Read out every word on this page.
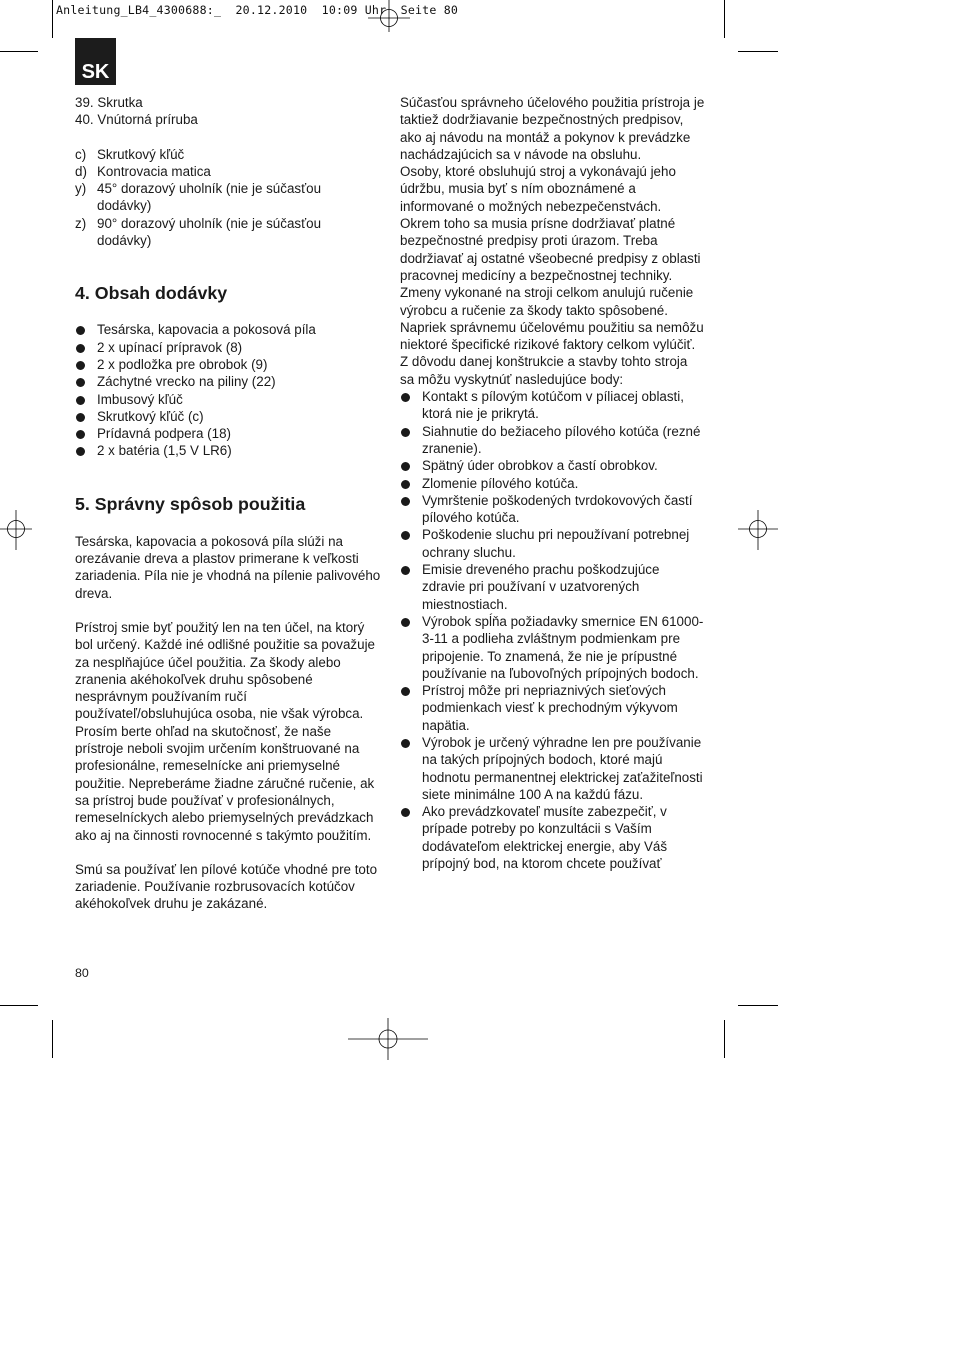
Anleitung_LB4_4300688:_  20.12.2010  10:09 Uhr  Seite 80
SK
39. Skrutka
40. Vnútorná príruba
c) Skrutkový kľúč
d) Kontrovacia matica
y) 45° dorazový uholník (nie je súčasťou dodávky)
z) 90° dorazový uholník (nie je súčasťou dodávky)
4. Obsah dodávky
Tesárska, kapovacia a pokosová píla
2 x upínací prípravok (8)
2 x podložka pre obrobok (9)
Záchytné vrecko na piliny (22)
Imbusový kľúč
Skrutkový kľúč (c)
Prídavná podpera (18)
2 x batéria (1,5 V LR6)
5. Správny spôsob použitia

Tesárska, kapovacia a pokosová píla slúži na orezávanie dreva a plastov primerane k veľkosti zariadenia. Píla nie je vhodná na pílenie palivového dreva.

Prístroj smie byť použitý len na ten účel, na ktorý bol určený. Každé iné odlišné použitie sa považuje za nesplňajúce účel použitia. Za škody alebo zranenia akéhokoľvek druhu spôsobené nesprávnym používaním ručí používateľ/obsluhujúca osoba, nie však výrobca.
Prosím berte ohľad na skutočnosť, že naše prístroje neboli svojim určením konštruované na profesionálne, remeselnícke ani priemyselné použitie. Nepreberáme žiadne záručné ručenie, ak sa prístroj bude používať v profesionálnych, remeselníckych alebo priemyselných prevádzkach ako aj na činnosti rovnocenné s takýmto použitím.

Smú sa používať len pílové kotúče vhodné pre toto zariadenie. Používanie rozbrusovacích kotúčov akéhokoľvek druhu je zakázané.

Súčasťou správneho účelového použitia prístroja je taktiež dodržiavanie bezpečnostných predpisov, ako aj návodu na montáž a pokynov k prevádzke nachádzajúcich sa v návode na obsluhu.
Osoby, ktoré obsluhujú stroj a vykonávajú jeho údržbu, musia byť s ním oboznámené a informované o možných nebezpečenstvách. Okrem toho sa musia prísne dodržiavať platné bezpečnostné predpisy proti úrazom. Treba dodržiavať aj ostatné všeobecné predpisy z oblasti pracovnej medicíny a bezpečnostnej techniky.
Zmeny vykonané na stroji celkom anulujú ručenie výrobcu a ručenie za škody takto spôsobené. Napriek správnemu účelovému použitiu sa nemôžu niektoré špecifické rizikové faktory celkom vylúčiť. Z dôvodu danej konštrukcie a stavby tohto stroja sa môžu vyskytnúť nasledujúce body:

Kontakt s pílovým kotúčom v píliacej oblasti, ktorá nie je prikrytá.
Siahnutie do bežiaceho pílového kotúča (rezné zranenie).
Spätný úder obrobkov a častí obrobkov.
Zlomenie pílového kotúča.
Vymrštenie poškodených tvrdokovových častí pílového kotúča.
Poškodenie sluchu pri nepoužívaní potrebnej ochrany sluchu.
Emisie dreveného prachu poškodzujúce zdravie pri používaní v uzatvorených miestnostiach.
Výrobok spĺňa požiadavky smernice EN 61000-3-11 a podlieha zvláštnym podmienkam pre pripojenie. To znamená, že nie je prípustné používanie na ľubovoľných prípojných bodoch.
Prístroj môže pri nepriaznivých sieťových podmienkach viesť k prechodným výkyvom napätia.
Výrobok je určený výhradne len pre používanie na takých prípojných bodoch, ktoré majú hodnotu permanentnej elektrickej zaťažiteľnosti siete minimálne 100 A na každú fázu.
Ako prevádzkovateľ musíte zabezpečiť, v prípade potreby po konzultácii s Vaším dodávateľom elektrickej energie, aby Váš prípojný bod, na ktorom chcete používať
80
